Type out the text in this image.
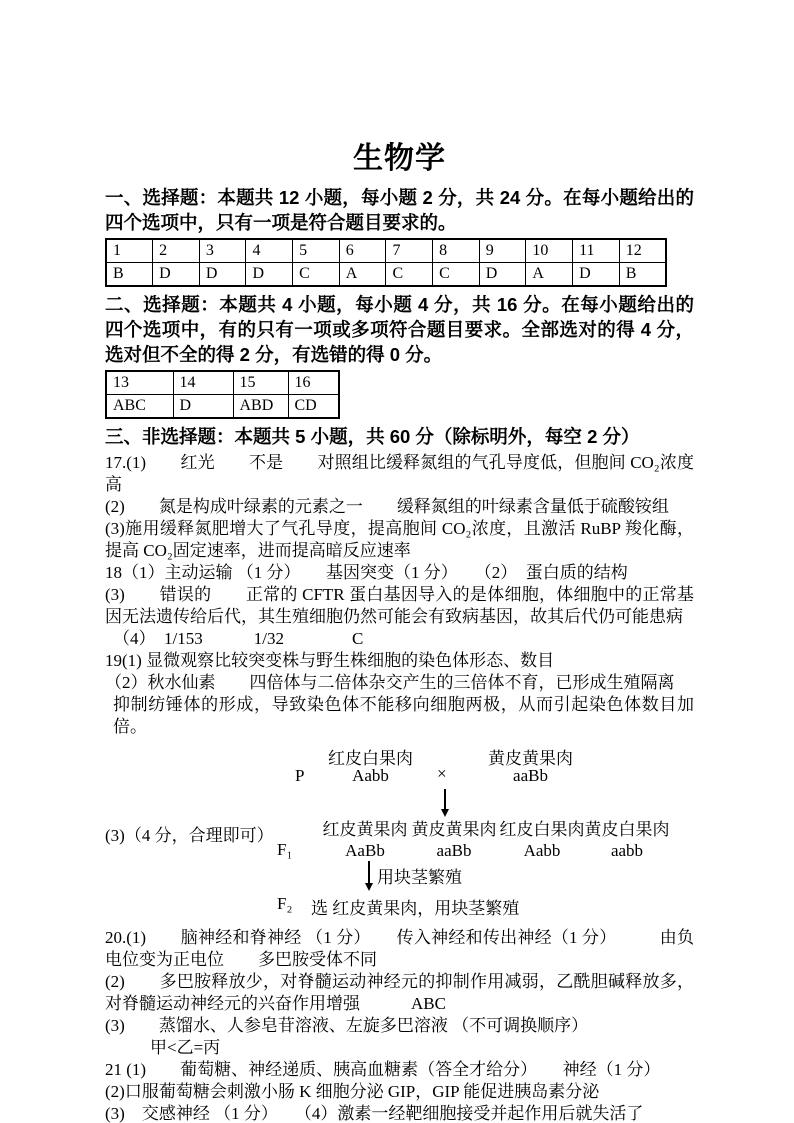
生物学

一、选择题：本题共 12 小题，每小题 2 分，共 24 分。在每小题给出的四个选项中，只有一项是符合题目要求的。

1	2	3	4	5	6	7	8	9	10	11	12
B	D	D	D	C	A	C	C	D	A	D	B

二、选择题：本题共 4 小题，每小题 4 分，共 16 分。在每小题给出的四个选项中，有的只有一项或多项符合题目要求。全部选对的得 4 分，选对但不全的得 2 分，有选错的得 0 分。

13	14	15	16
ABC	D	ABD	CD

三、非选择题：本题共 5 小题，共 60 分（除标明外，每空 2 分）

17.(1)　　红光　　不是　　对照组比缓释氮组的气孔导度低，但胞间 CO₂浓度高

(2)　　氮是构成叶绿素的元素之一　　缓释氮组的叶绿素含量低于硫酸铵组

(3)施用缓释氮肥增大了气孔导度，提高胞间 CO₂浓度，且激活 RuBP 羧化酶，提高 CO₂固定速率，进而提高暗反应速率

18（1）主动运输 （1 分）　　基因突变（1 分）　　（2）　蛋白质的结构

(3)　　错误的　　正常的 CFTR 蛋白基因导入的是体细胞，体细胞中的正常基因无法遗传给后代，其生殖细胞仍然可能会有致病基因，故其后代仍可能患病

（4）　1/153　　　1/32　　　　C

19(1) 显微观察比较突变株与野生株细胞的染色体形态、数目

（2）秋水仙素　　四倍体与二倍体杂交产生的三倍体不育，已形成生殖隔离

抑制纺锤体的形成，导致染色体不能移向细胞两极，从而引起染色体数目加倍。

红皮白果肉	黄皮黄果肉
P	Aabb	×	aaBb
(3)（4 分，合理即可）
F₁
红皮黄果肉
AaBb
黄皮黄果肉
aaBb
红皮白果肉
Aabb
黄皮白果肉
aabb
用块茎繁殖
F₂ 选 红皮黄果肉，用块茎繁殖

20.(1)　　脑神经和脊神经 （1 分）　　传入神经和传出神经（1 分）　　　由负电位变为正电位　　多巴胺受体不同

(2)　　多巴胺释放少，对脊髓运动神经元的抑制作用减弱，乙酰胆碱释放多，对脊髓运动神经元的兴奋作用增强　　　ABC

(3)　　蒸馏水、人参皂苷溶液、左旋多巴溶液 （不可调换顺序）

甲<乙=丙

21 (1)　　葡萄糖、神经递质、胰高血糖素（答全才给分）　　神经（1 分）

(2)口服葡萄糖会刺激小肠 K 细胞分泌 GIP，GIP 能促进胰岛素分泌

(3)　交感神经 （1 分）　　（4）激素一经靶细胞接受并起作用后就失活了
